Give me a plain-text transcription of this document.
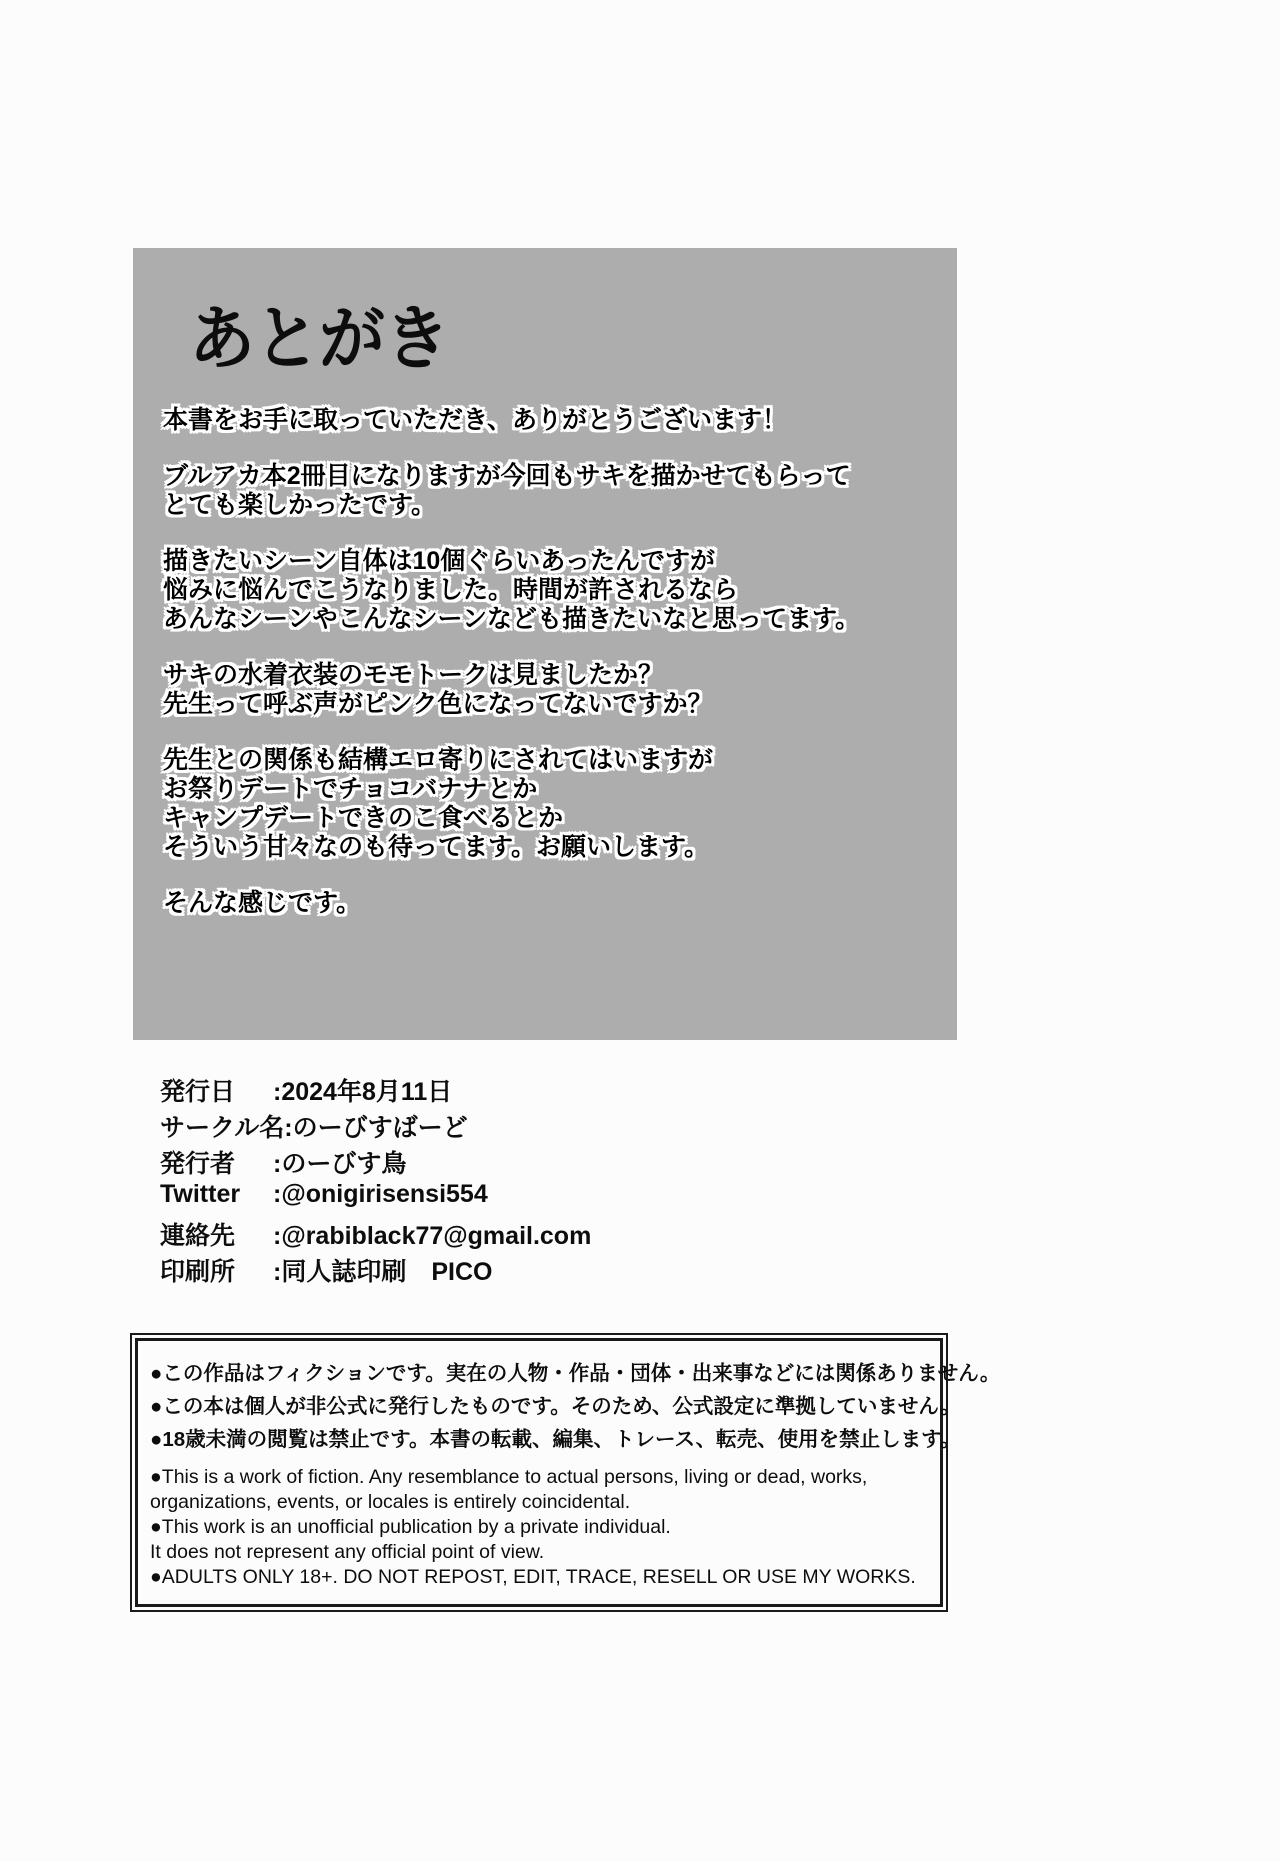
あとがき
本書をお手に取っていただき、ありがとうございます！
ブルアカ本2冊目になりますが今回もサキを描かせてもらって
とても楽しかったです。
描きたいシーン自体は10個ぐらいあったんですが
悩みに悩んでこうなりました。時間が許されるなら
あんなシーンやこんなシーンなども描きたいなと思ってます。
サキの水着衣装のモモトークは見ましたか？
先生って呼ぶ声がピンク色になってないですか？
先生との関係も結構エロ寄りにされてはいますが
お祭りデートでチョコバナナとか
キャンプデートできのこ食べるとか
そういう甘々なのも待ってます。お願いします。
そんな感じです。
発行日	:2024年8月11日
サークル名 :のーびすばーど
発行者	:のーびす鳥
Twitter	:@onigirisensi554
連絡先	:@rabiblack77@gmail.com
印刷所	:同人誌印刷　PICO
●この作品はフィクションです。実在の人物・作品・団体・出来事などには関係ありません。
●この本は個人が非公式に発行したものです。そのため、公式設定に準拠していません。
●18歳未満の閲覧は禁止です。本書の転載、編集、トレース、転売、使用を禁止します。
●This is a work of fiction. Any resemblance to actual persons, living or dead, works,
organizations, events, or locales is entirely coincidental.
●This work is an unofficial publication by a private individual.
It does not represent any official point of view.
●ADULTS ONLY 18+. DO NOT REPOST, EDIT, TRACE, RESELL OR USE MY WORKS.
